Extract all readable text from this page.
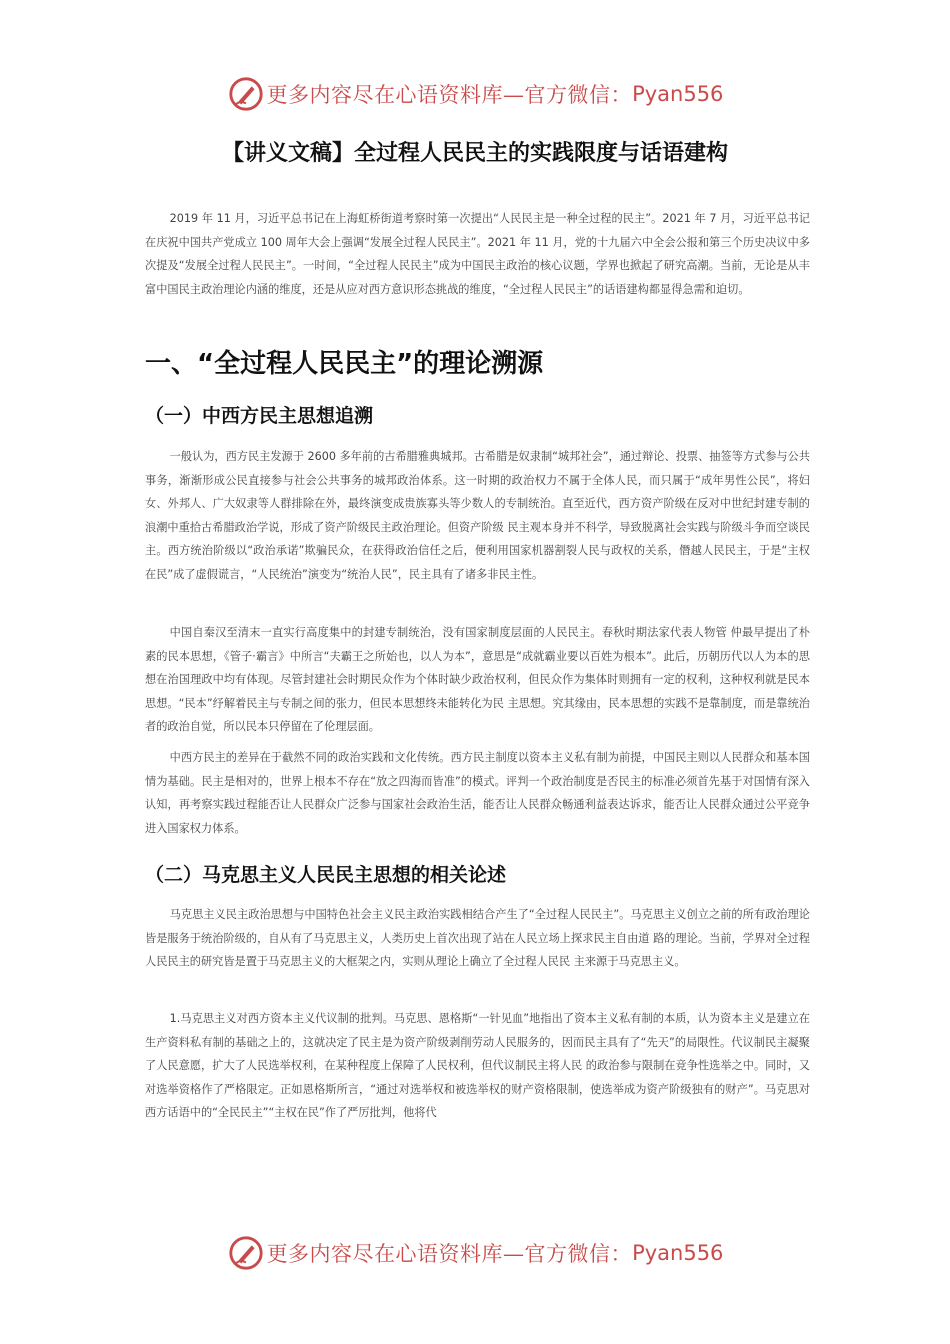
更多内容尽在心语资料库—官方微信： Pyan556
【讲义文稿】全过程人民民主的实践限度与话语建构

2019 年 11 月，习近平总书记在上海虹桥街道考察时第一次提出“人民民主是一种全过程的民主”。2021 年 7 月，习近平总书记在庆祝中国共产党成立 100 周年大会上强调“发展全过程人民民主”。2021 年 11 月，党的十九届六中全会公报和第三个历史决议中多次提及“发展全过程人民民主”。一时间，“全过程人民民主”成为中国民主政治的核心议题，学界也掀起了研究高潮。当前，无论是从丰富中国民主政治理论内涵的维度，还是从应对西方意识形态挑战的维度，“全过程人民民主”的话语建构都显得急需和迫切。

一、“全过程人民民主”的理论溯源
（一）中西方民主思想追溯

一般认为，西方民主发源于 2600 多年前的古希腊雅典城邦。古希腊是奴隶制“城邦社会”，通过辩论、投票、抽签等方式参与公共事务，渐渐形成公民直接参与社会公共事务的城邦政治体系。这一时期的政治权力不属于全体人民，而只属于“成年男性公民”，将妇女、外邦人、广大奴隶等人群排除在外，最终演变成贵族寡头等少数人的专制统治。直至近代，西方资产阶级在反对中世纪封建专制的浪潮中重拾古希腊政治学说，形成了资产阶级民主政治理论。但资产阶级 民主观本身并不科学，导致脱离社会实践与阶级斗争而空谈民主。西方统治阶级以“政治承诺”欺骗民众，在获得政治信任之后，便利用国家机器割裂人民与政权的关系，僭越人民民主，于是“主权在民”成了虚假谎言，“人民统治”演变为“统治人民”，民主具有了诸多非民主性。

中国自秦汉至清末一直实行高度集中的封建专制统治，没有国家制度层面的人民民主。春秋时期法家代表人物管 仲最早提出了朴素的民本思想，《管子·霸言》中所言“夫霸王之所始也，以人为本”，意思是“成就霸业要以百姓为根本”。此后，历朝历代以人为本的思想在治国理政中均有体现。尽管封建社会时期民众作为个体时缺少政治权利，但民众作为集体时则拥有一定的权利，这种权利就是民本思想。“民本”纾解着民主与专制之间的张力，但民本思想终未能转化为民 主思想。究其缘由，民本思想的实践不是靠制度，而是靠统治者的政治自觉，所以民本只停留在了伦理层面。

中西方民主的差异在于截然不同的政治实践和文化传统。西方民主制度以资本主义私有制为前提，中国民主则以人民群众和基本国情为基础。民主是相对的，世界上根本不存在“放之四海而皆准”的模式。评判一个政治制度是否民主的标准必须首先基于对国情有深入认知，再考察实践过程能否让人民群众广泛参与国家社会政治生活，能否让人民群众畅通利益表达诉求，能否让人民群众通过公平竞争进入国家权力体系。

（二）马克思主义人民民主思想的相关论述

马克思主义民主政治思想与中国特色社会主义民主政治实践相结合产生了“全过程人民民主”。马克思主义创立之前的所有政治理论皆是服务于统治阶级的，自从有了马克思主义，人类历史上首次出现了站在人民立场上探求民主自由道 路的理论。当前，学界对全过程人民民主的研究皆是置于马克思主义的大框架之内，实则从理论上确立了全过程人民民 主来源于马克思主义。

1.马克思主义对西方资本主义代议制的批判。马克思、恩格斯“一针见血”地指出了资本主义私有制的本质，认为资本主义是建立在生产资料私有制的基础之上的，这就决定了民主是为资产阶级剥削劳动人民服务的，因而民主具有了“先天”的局限性。代议制民主凝聚了人民意愿，扩大了人民选举权利，在某种程度上保障了人民权利，但代议制民主将人民 的政治参与限制在竞争性选举之中。同时，又对选举资格作了严格限定。正如恩格斯所言，“通过对选举权和被选举权的财产资格限制，使选举成为资产阶级独有的财产”。马克思对西方话语中的“全民民主”“主权在民”作了严厉批判，他将代

更多内容尽在心语资料库—官方微信： Pyan556
